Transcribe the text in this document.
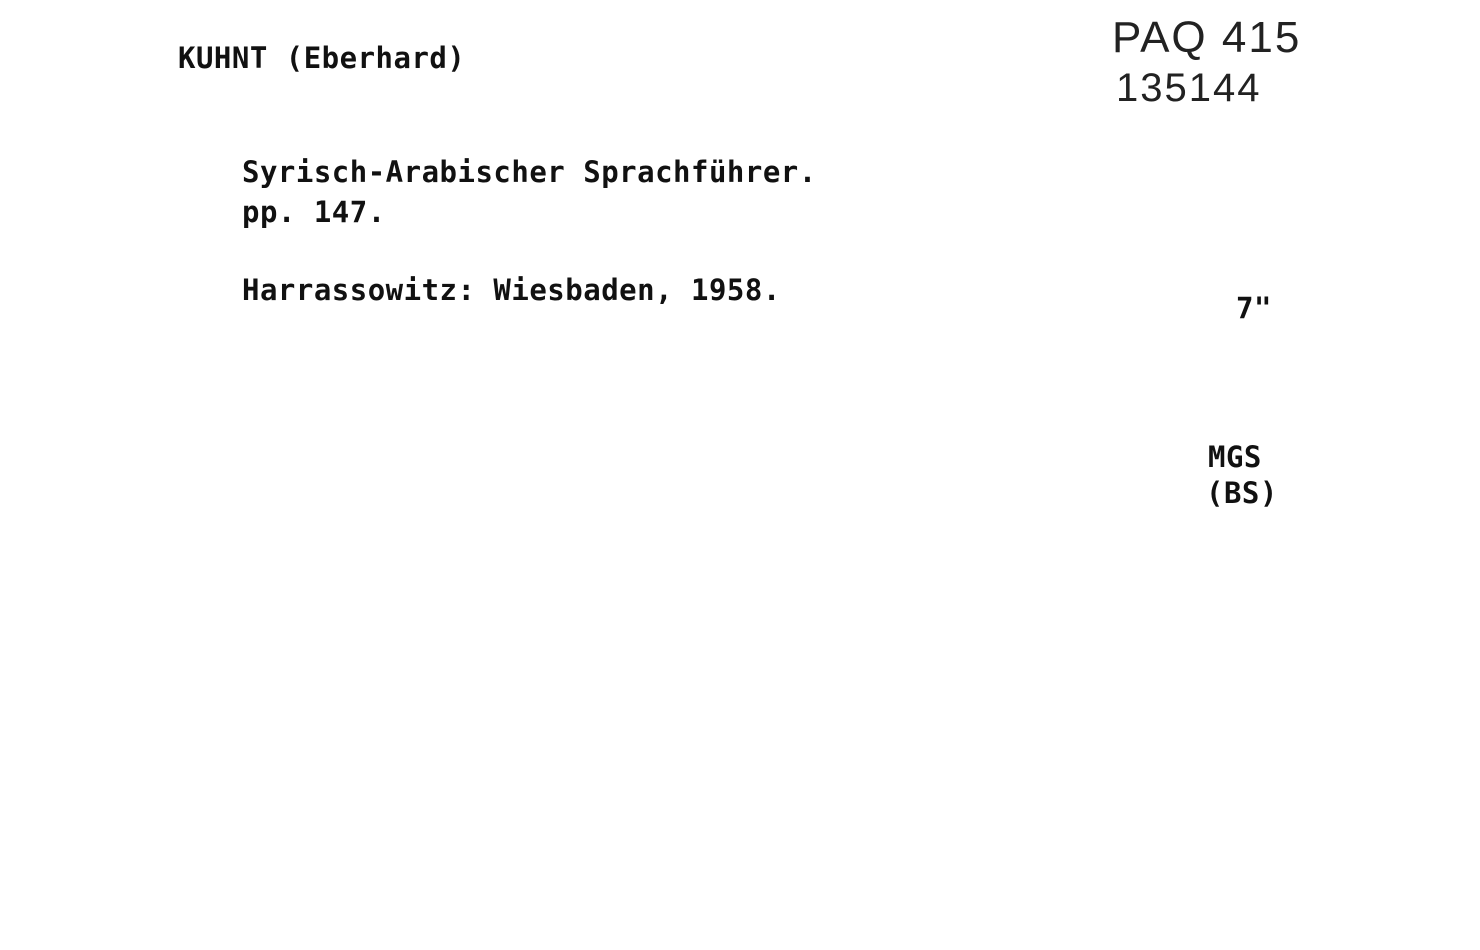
KUHNT (Eberhard)	PAQ 415
135144
Syrisch-Arabischer Sprachführer.
pp. 147.
Harrassowitz: Wiesbaden, 1958.
7"
MGS
(BS)
